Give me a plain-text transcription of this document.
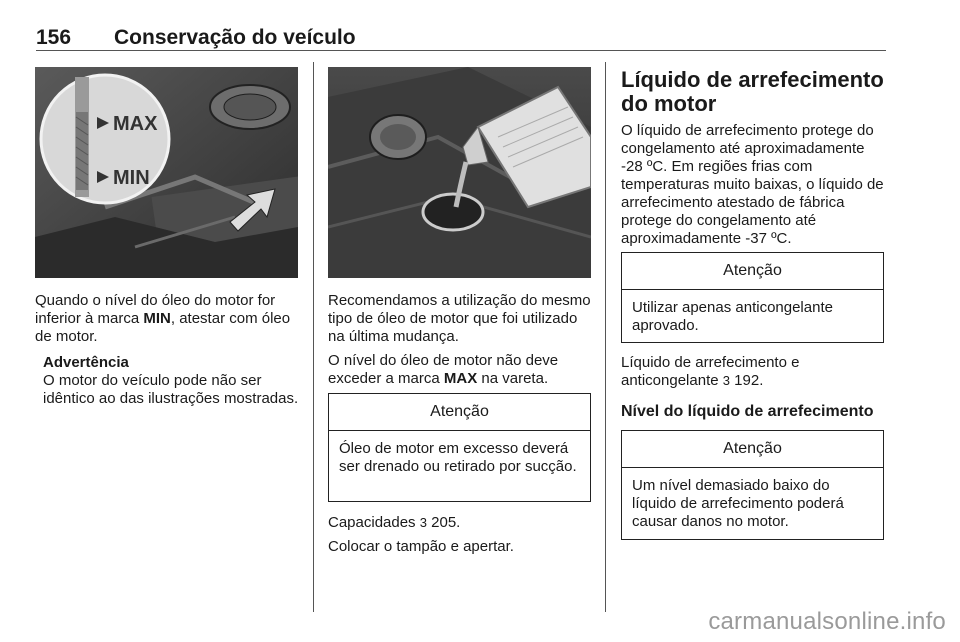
156 Conservação do veículo
MAX
MIN

Quando o nível do óleo do motor for inferior à marca MIN, atestar com óleo de motor.

Advertência
O motor do veículo pode não ser idêntico ao das ilustrações mostradas.

Recomendamos a utilização do mesmo tipo de óleo de motor que foi utilizado na última mudança.

O nível do óleo de motor não deve exceder a marca MAX na vareta.

Atenção
Óleo de motor em excesso deverá ser drenado ou retirado por sucção.

Capacidades 3 205.

Colocar o tampão e apertar.

Líquido de arrefecimento do motor
O líquido de arrefecimento protege do congelamento até aproximadamente -28 ºC. Em regiões frias com temperaturas muito baixas, o líquido de arrefecimento atestado de fábrica protege do congelamento até aproximadamente -37 ºC.
Atenção
Utilizar apenas anticongelante aprovado.
Líquido de arrefecimento e anticongelante 3 192.
Nível do líquido de arrefecimento
Atenção
Um nível demasiado baixo do líquido de arrefecimento poderá causar danos no motor.
carmanualsonline.info
